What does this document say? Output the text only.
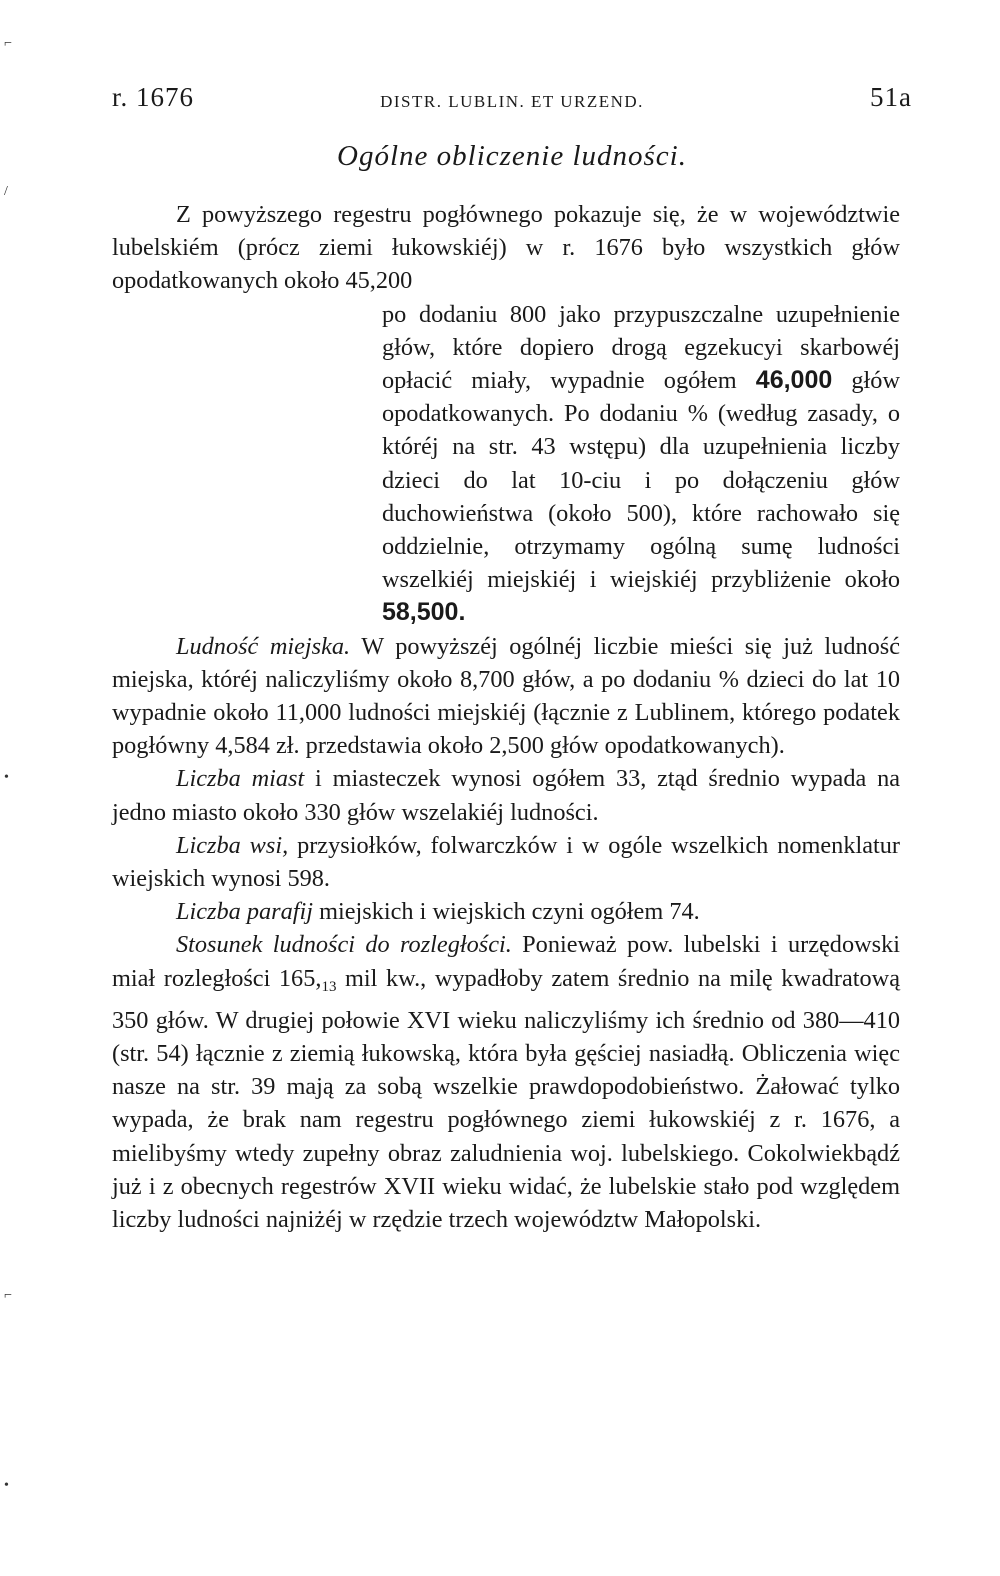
r. 1676	DISTR. LUBLIN. ET URZEND.	51a
Ogólne obliczenie ludności.

Z powyższego regestru pogłównego pokazuje się, że w województwie lubelskiém (prócz ziemi łukowskiéj) w r. 1676 było wszystkich głów opodatkowanych około 45,200

po dodaniu 800 jako przypuszczalne uzupełnienie głów, które dopiero drogą egzekucyi skarbowéj opłacić miały, wypadnie ogółem 46,000 głów opodatkowanych. Po dodaniu % (według zasady, o któréj na str. 43 wstępu) dla uzupełnienia liczby dzieci do lat 10-ciu i po dołączeniu głów duchowieństwa (około 500), które rachowało się oddzielnie, otrzymamy ogólną sumę ludności wszelkiéj miejskiéj i wiejskiéj przybliżenie około 58,500.

Ludność miejska. W powyższéj ogólnéj liczbie mieści się już ludność miejska, któréj naliczyliśmy około 8,700 głów, a po dodaniu % dzieci do lat 10 wypadnie około 11,000 ludności miejskiéj (łącznie z Lublinem, którego podatek pogłówny 4,584 zł. przedstawia około 2,500 głów opodatkowanych).

Liczba miast i miasteczek wynosi ogółem 33, ztąd średnio wypada na jedno miasto około 330 głów wszelakiéj ludności.

Liczba wsi, przysiołków, folwarczków i w ogóle wszelkich nomenklatur wiejskich wynosi 598.

Liczba parafij miejskich i wiejskich czyni ogółem 74.

Stosunek ludności do rozległości. Ponieważ pow. lubelski i urzędowski miał rozległości $165,_{13}$ mil kw., wypadłoby zatem średnio na milę kwadratową 350 głów. W drugiej połowie XVI wieku naliczyliśmy ich średnio od 380—410 (str. 54) łącznie z ziemią łukowską, która była gęściej nasiadłą. Obliczenia więc nasze na str. 39 mają za sobą wszelkie prawdopodobieństwo. Żałować tylko wypada, że brak nam regestru pogłównego ziemi łukowskiéj z r. 1676, a mielibyśmy wtedy zupełny obraz zaludnienia woj. lubelskiego. Cokolwiekbądź już i z obecnych regestrów XVII wieku widać, że lubelskie stało pod względem liczby ludności najniżéj w rzędzie trzech województw Małopolski.

⌐
/
•
⌐
•
